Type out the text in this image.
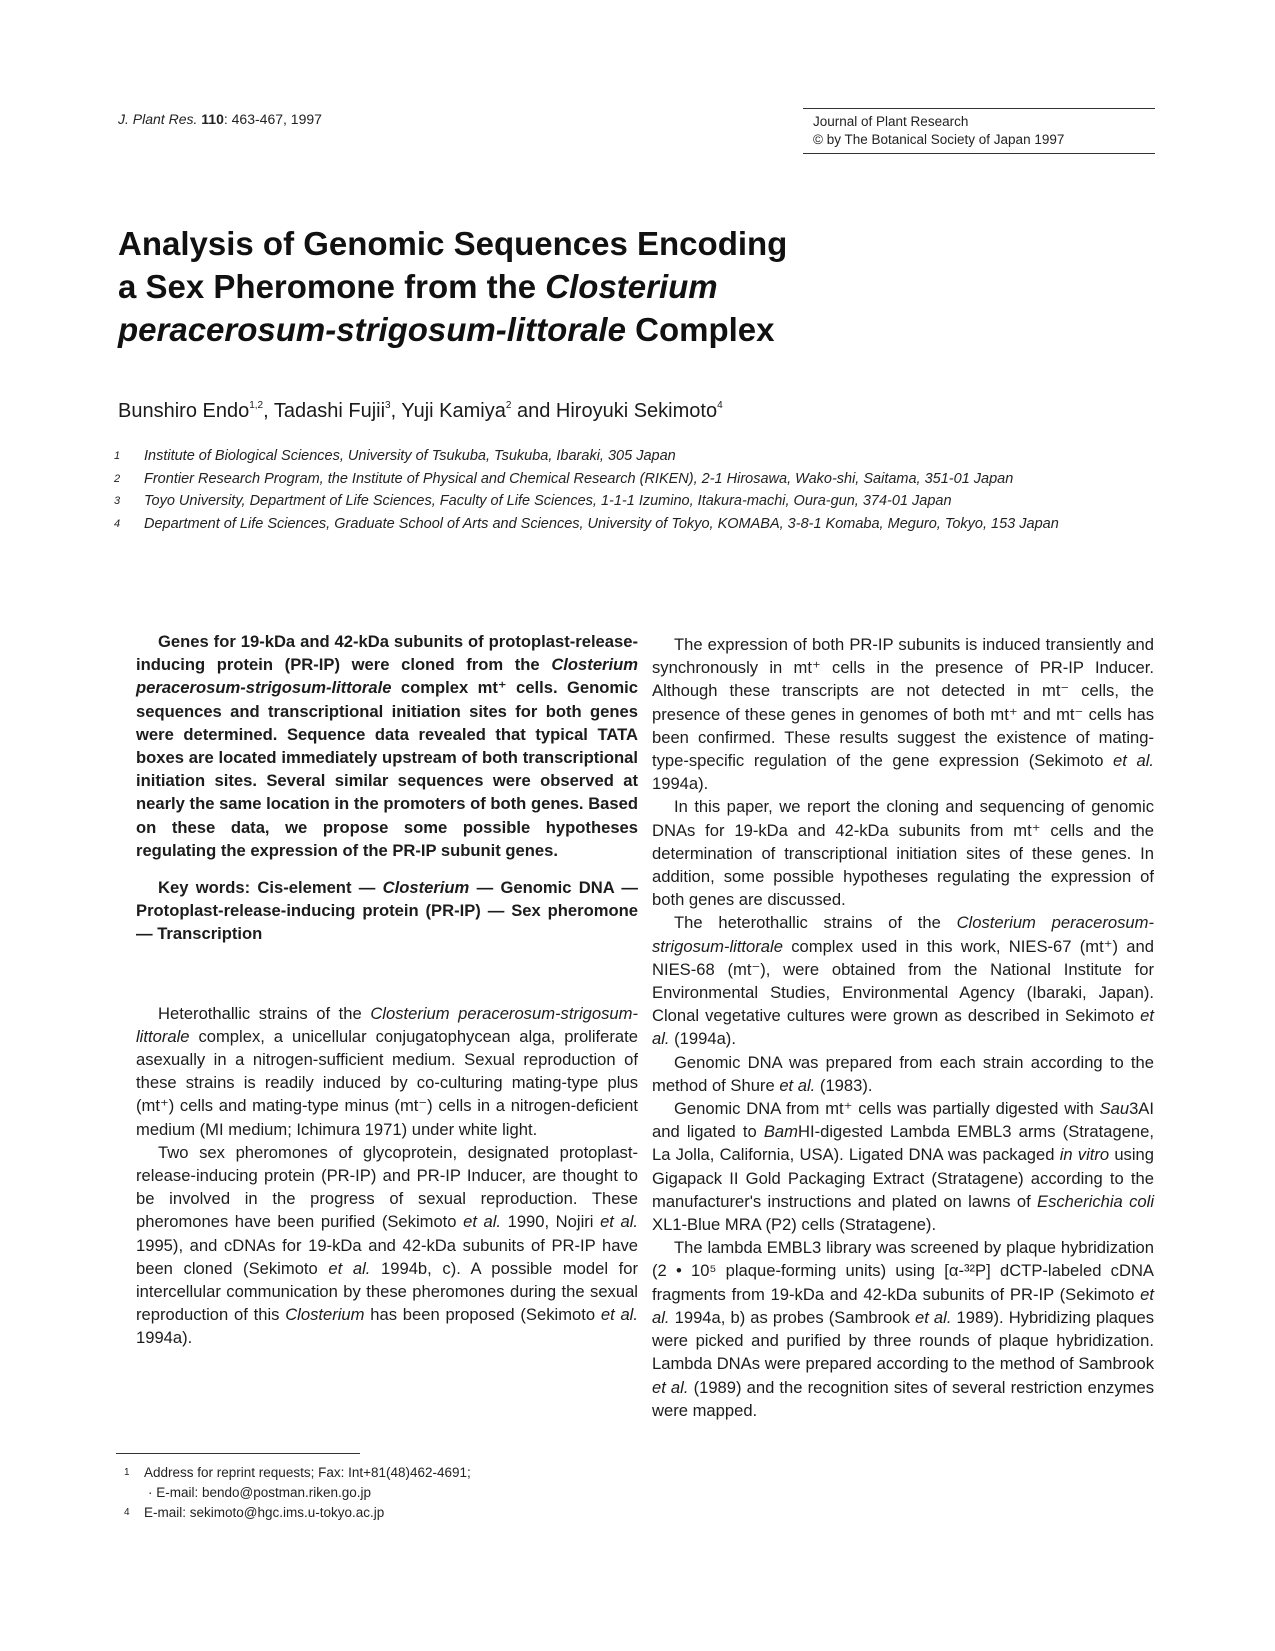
J. Plant Res. 110: 463-467, 1997	Journal of Plant Research
© by The Botanical Society of Japan 1997
Analysis of Genomic Sequences Encoding
a Sex Pheromone from the Closterium
peracerosum-strigosum-littorale Complex
Bunshiro Endo$^{1,2}$, Tadashi Fujii$^3$, Yuji Kamiya$^2$ and Hiroyuki Sekimoto$^4$
1 Institute of Biological Sciences, University of Tsukuba, Tsukuba, Ibaraki, 305 Japan
2 Frontier Research Program, the Institute of Physical and Chemical Research (RIKEN), 2-1 Hirosawa, Wako-shi, Saitama, 351-01 Japan
3 Toyo University, Department of Life Sciences, Faculty of Life Sciences, 1-1-1 Izumino, Itakura-machi, Oura-gun, 374-01 Japan
4 Department of Life Sciences, Graduate School of Arts and Sciences, University of Tokyo, KOMABA, 3-8-1 Komaba, Meguro, Tokyo, 153 Japan

Genes for 19-kDa and 42-kDa subunits of protoplast-release-inducing protein (PR-IP) were cloned from the Closterium peracerosum-strigosum-littorale complex mt⁺ cells. Genomic sequences and transcriptional initiation sites for both genes were determined. Sequence data revealed that typical TATA boxes are located immediately upstream of both transcriptional initiation sites. Several similar sequences were observed at nearly the same location in the promoters of both genes. Based on these data, we propose some possible hypotheses regulating the expression of the PR-IP subunit genes.

Key words: Cis-element — Closterium — Genomic DNA — Protoplast-release-inducing protein (PR-IP) — Sex pheromone — Transcription

Heterothallic strains of the Closterium peracerosum-strigosum-littorale complex, a unicellular conjugatophycean alga, proliferate asexually in a nitrogen-sufficient medium. Sexual reproduction of these strains is readily induced by co-culturing mating-type plus (mt⁺) cells and mating-type minus (mt⁻) cells in a nitrogen-deficient medium (MI medium; Ichimura 1971) under white light.

Two sex pheromones of glycoprotein, designated protoplast-release-inducing protein (PR-IP) and PR-IP Inducer, are thought to be involved in the progress of sexual reproduction. These pheromones have been purified (Sekimoto et al. 1990, Nojiri et al. 1995), and cDNAs for 19-kDa and 42-kDa subunits of PR-IP have been cloned (Sekimoto et al. 1994b, c). A possible model for intercellular communication by these pheromones during the sexual reproduction of this Closterium has been proposed (Sekimoto et al. 1994a).

The expression of both PR-IP subunits is induced transiently and synchronously in mt⁺ cells in the presence of PR-IP Inducer. Although these transcripts are not detected in mt⁻ cells, the presence of these genes in genomes of both mt⁺ and mt⁻ cells has been confirmed. These results suggest the existence of mating-type-specific regulation of the gene expression (Sekimoto et al. 1994a).

In this paper, we report the cloning and sequencing of genomic DNAs for 19-kDa and 42-kDa subunits from mt⁺ cells and the determination of transcriptional initiation sites of these genes. In addition, some possible hypotheses regulating the expression of both genes are discussed.

The heterothallic strains of the Closterium peracerosum-strigosum-littorale complex used in this work, NIES-67 (mt⁺) and NIES-68 (mt⁻), were obtained from the National Institute for Environmental Studies, Environmental Agency (Ibaraki, Japan). Clonal vegetative cultures were grown as described in Sekimoto et al. (1994a).

Genomic DNA was prepared from each strain according to the method of Shure et al. (1983).

Genomic DNA from mt⁺ cells was partially digested with Sau3AI and ligated to BamHI-digested Lambda EMBL3 arms (Stratagene, La Jolla, California, USA). Ligated DNA was packaged in vitro using Gigapack II Gold Packaging Extract (Stratagene) according to the manufacturer's instructions and plated on lawns of Escherichia coli XL1-Blue MRA (P2) cells (Stratagene).

The lambda EMBL3 library was screened by plaque hybridization (2 • 10⁵ plaque-forming units) using [α-³²P] dCTP-labeled cDNA fragments from 19-kDa and 42-kDa subunits of PR-IP (Sekimoto et al. 1994a, b) as probes (Sambrook et al. 1989). Hybridizing plaques were picked and purified by three rounds of plaque hybridization. Lambda DNAs were prepared according to the method of Sambrook et al. (1989) and the recognition sites of several restriction enzymes were mapped.

1 Address for reprint requests; Fax: Int+81(48)462-4691;
· E-mail: bendo@postman.riken.go.jp
4 E-mail: sekimoto@hgc.ims.u-tokyo.ac.jp
